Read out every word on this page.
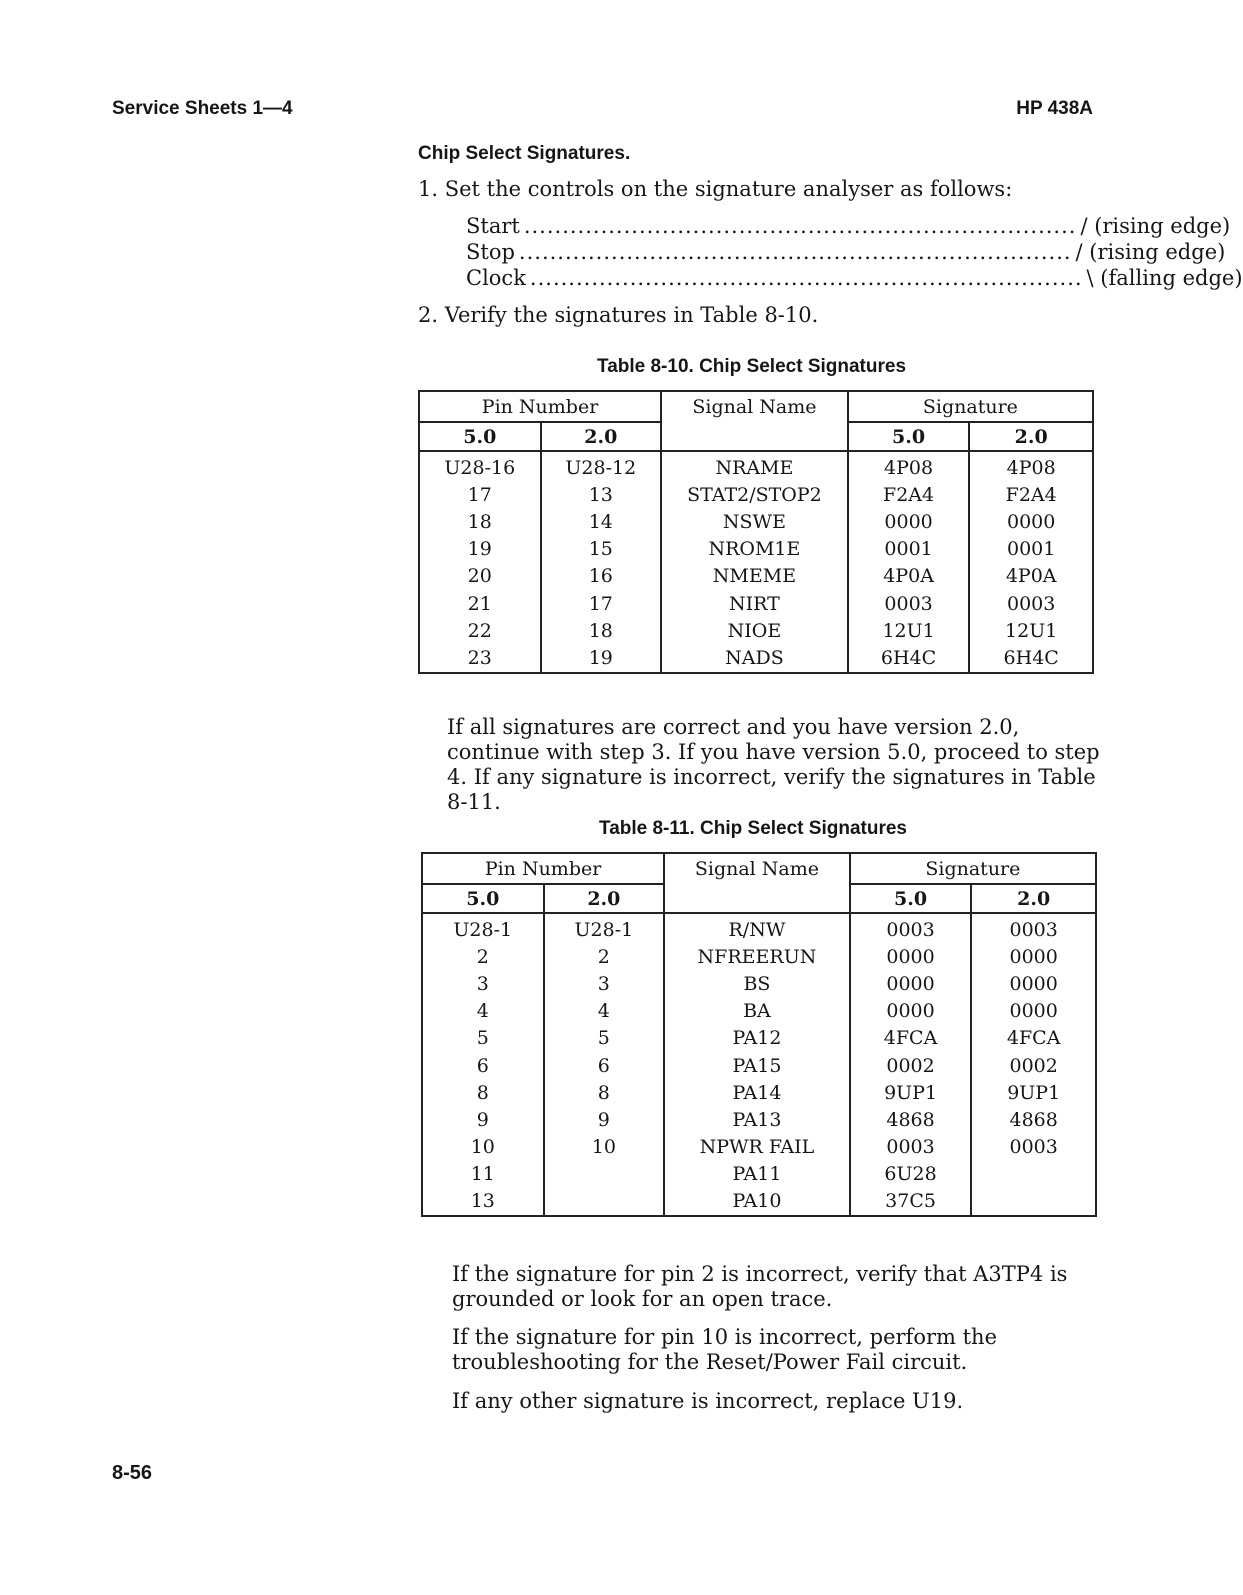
Service Sheets 1—4	HP 438A
Chip Select Signatures.
1. Set the controls on the signature analyser as follows:
Start ........................................................................ / (rising edge)
Stop ........................................................................ / (rising edge)
Clock ........................................................................ \ (falling edge)
2. Verify the signatures in Table 8-10.
Table 8-10. Chip Select Signatures
Pin Number		Signal Name	Signature	
5.0	2.0		5.0	2.0
U28-16	U28-12	NRAME	4P08	4P08
17	13	STAT2/STOP2	F2A4	F2A4
18	14	NSWE	0000	0000
19	15	NROM1E	0001	0001
20	16	NMEME	4P0A	4P0A
21	17	NIRT	0003	0003
22	18	NIOE	12U1	12U1
23	19	NADS	6H4C	6H4C
If all signatures are correct and you have version 2.0, continue with step 3. If you have version 5.0, proceed to step 4. If any signature is incorrect, verify the signatures in Table 8-11.
Table 8-11. Chip Select Signatures
Pin Number		Signal Name	Signature	
5.0	2.0		5.0	2.0
U28-1	U28-1	R/NW	0003	0003
2	2	NFREERUN	0000	0000
3	3	BS	0000	0000
4	4	BA	0000	0000
5	5	PA12	4FCA	4FCA
6	6	PA15	0002	0002
8	8	PA14	9UP1	9UP1
9	9	PA13	4868	4868
10	10	NPWR FAIL	0003	0003
11		PA11	6U28	
13		PA10	37C5	
If the signature for pin 2 is incorrect, verify that A3TP4 is grounded or look for an open trace.
If the signature for pin 10 is incorrect, perform the troubleshooting for the Reset/Power Fail circuit.
If any other signature is incorrect, replace U19.
8-56
